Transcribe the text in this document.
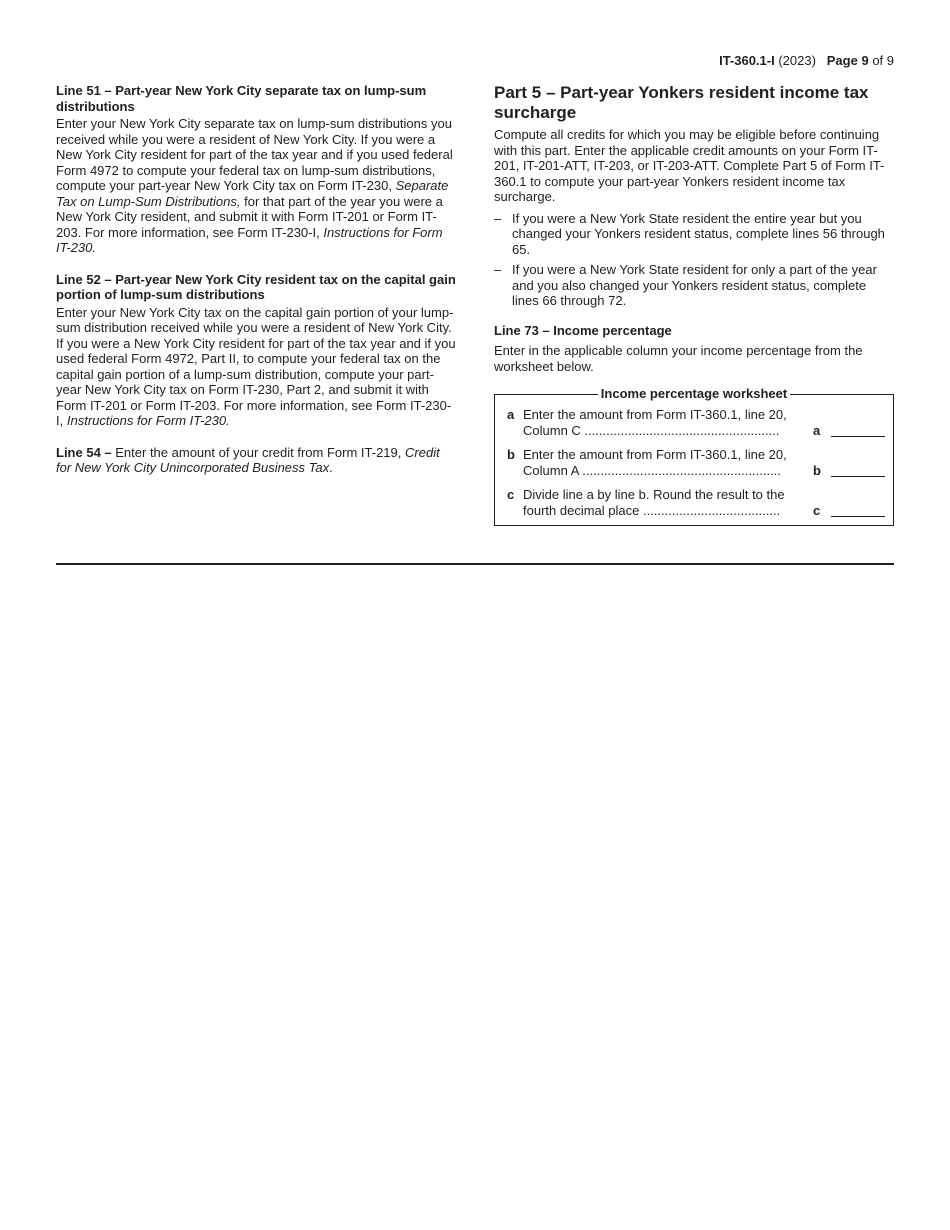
IT-360.1-I (2023) Page 9 of 9

Line 51 – Part-year New York City separate tax on lump-sum distributions

Enter your New York City separate tax on lump-sum distributions you received while you were a resident of New York City. If you were a New York City resident for part of the tax year and if you used federal Form 4972 to compute your federal tax on lump-sum distributions, compute your part-year New York City tax on Form IT-230, Separate Tax on Lump-Sum Distributions, for that part of the year you were a New York City resident, and submit it with Form IT-201 or Form IT-203. For more information, see Form IT-230-I, Instructions for Form IT-230.

Line 52 – Part-year New York City resident tax on the capital gain portion of lump-sum distributions

Enter your New York City tax on the capital gain portion of your lump-sum distribution received while you were a resident of New York City. If you were a New York City resident for part of the tax year and if you used federal Form 4972, Part II, to compute your federal tax on the capital gain portion of a lump-sum distribution, compute your part-year New York City tax on Form IT-230, Part 2, and submit it with Form IT-201 or Form IT-203. For more information, see Form IT-230-I, Instructions for Form IT-230.

Line 54 – Enter the amount of your credit from Form IT-219, Credit for New York City Unincorporated Business Tax.

Part 5 – Part-year Yonkers resident income tax surcharge

Compute all credits for which you may be eligible before continuing with this part. Enter the applicable credit amounts on your Form IT-201, IT-201-ATT, IT-203, or IT-203-ATT. Complete Part 5 of Form IT-360.1 to compute your part-year Yonkers resident income tax surcharge.

– If you were a New York State resident the entire year but you changed your Yonkers resident status, complete lines 56 through 65.
– If you were a New York State resident for only a part of the year and you also changed your Yonkers resident status, complete lines 66 through 72.

Line 73 – Income percentage

Enter in the applicable column your income percentage from the worksheet below.

Income percentage worksheet
a Enter the amount from Form IT-360.1, line 20,
Column C ......................................................	a
b Enter the amount from Form IT-360.1, line 20,
Column A .......................................................	b
c Divide line a by line b. Round the result to the
fourth decimal place ......................................	c
